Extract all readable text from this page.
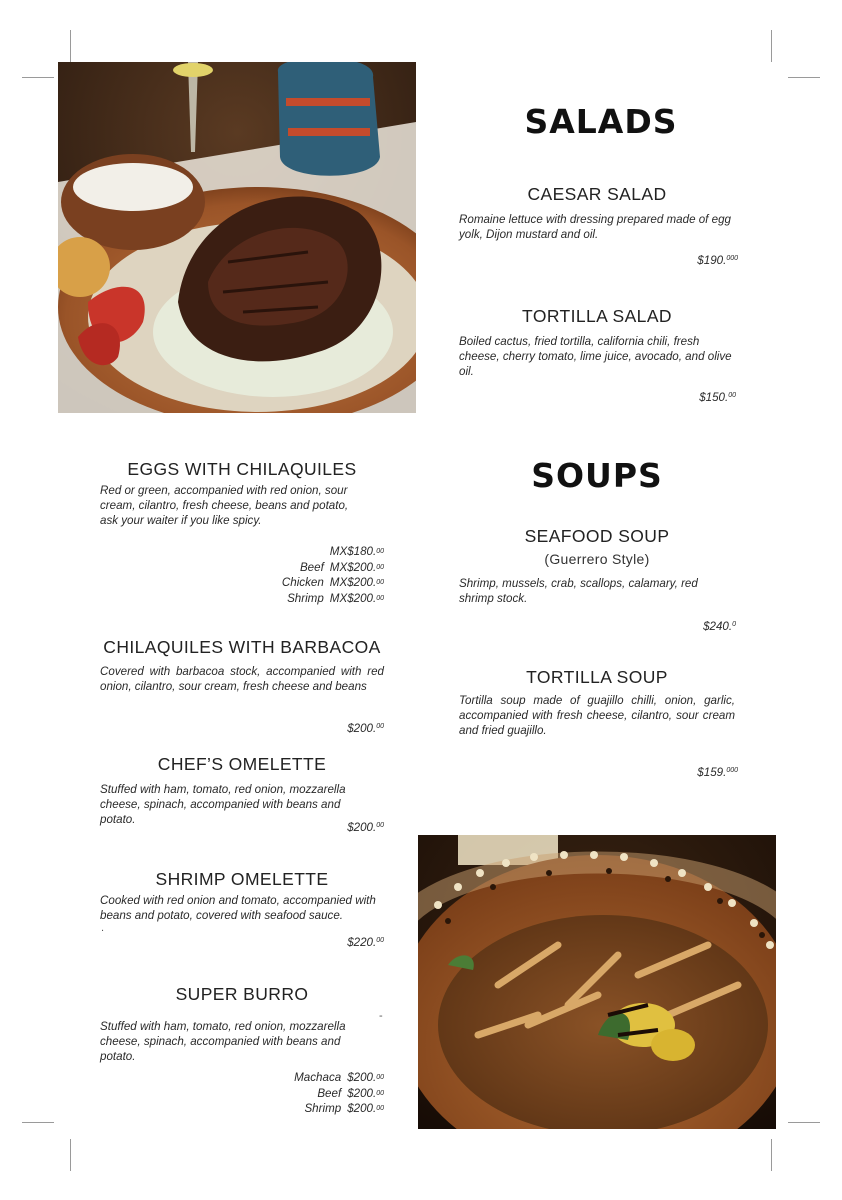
SALADS
CAESAR SALAD
Romaine lettuce with dressing prepared made of egg yolk, Dijon mustard and oil.
$190.$^{000}$
TORTILLA SALAD
Boiled cactus, fried tortilla, california chili, fresh cheese, cherry tomato, lime juice, avocado, and olive oil.
$150.00
EGGS WITH CHILAQUILES
Red or green, accompanied with red onion, sour cream, cilantro, fresh cheese, beans and potato, ask your waiter if you like spicy.
MX$180. 00
Beef MX$200. 00
Chicken MX$200. 00
Shrimp MX$200. 00
SOUPS
SEAFOOD SOUP
(Guerrero Style)
Shrimp, mussels, crab, scallops, calamary, red shrimp stock.
$240.$^0$
TORTILLA SOUP
Tortilla soup made of guajillo chilli, onion, garlic, accompanied with fresh cheese, cilantro, sour cream and fried guajillo.
$159.$^{000}$
CHILAQUILES WITH BARBACOA
Covered with barbacoa stock, accompanied with red onion, cilantro, sour cream, fresh cheese and beans
$200.00
CHEF’S OMELETTE
Stuffed with ham, tomato, red onion, mozzarella cheese, spinach, accompanied with beans and potato.
$200.00
SHRIMP OMELETTE
Cooked with red onion and tomato, accompanied with beans and potato, covered with seafood sauce.
.
$220.00
SUPER BURRO
-
Stuffed with ham, tomato, red onion, mozzarella cheese, spinach, accompanied with beans and potato.
Machaca $200. 00
Beef $200. 00
Shrimp $200. 00
